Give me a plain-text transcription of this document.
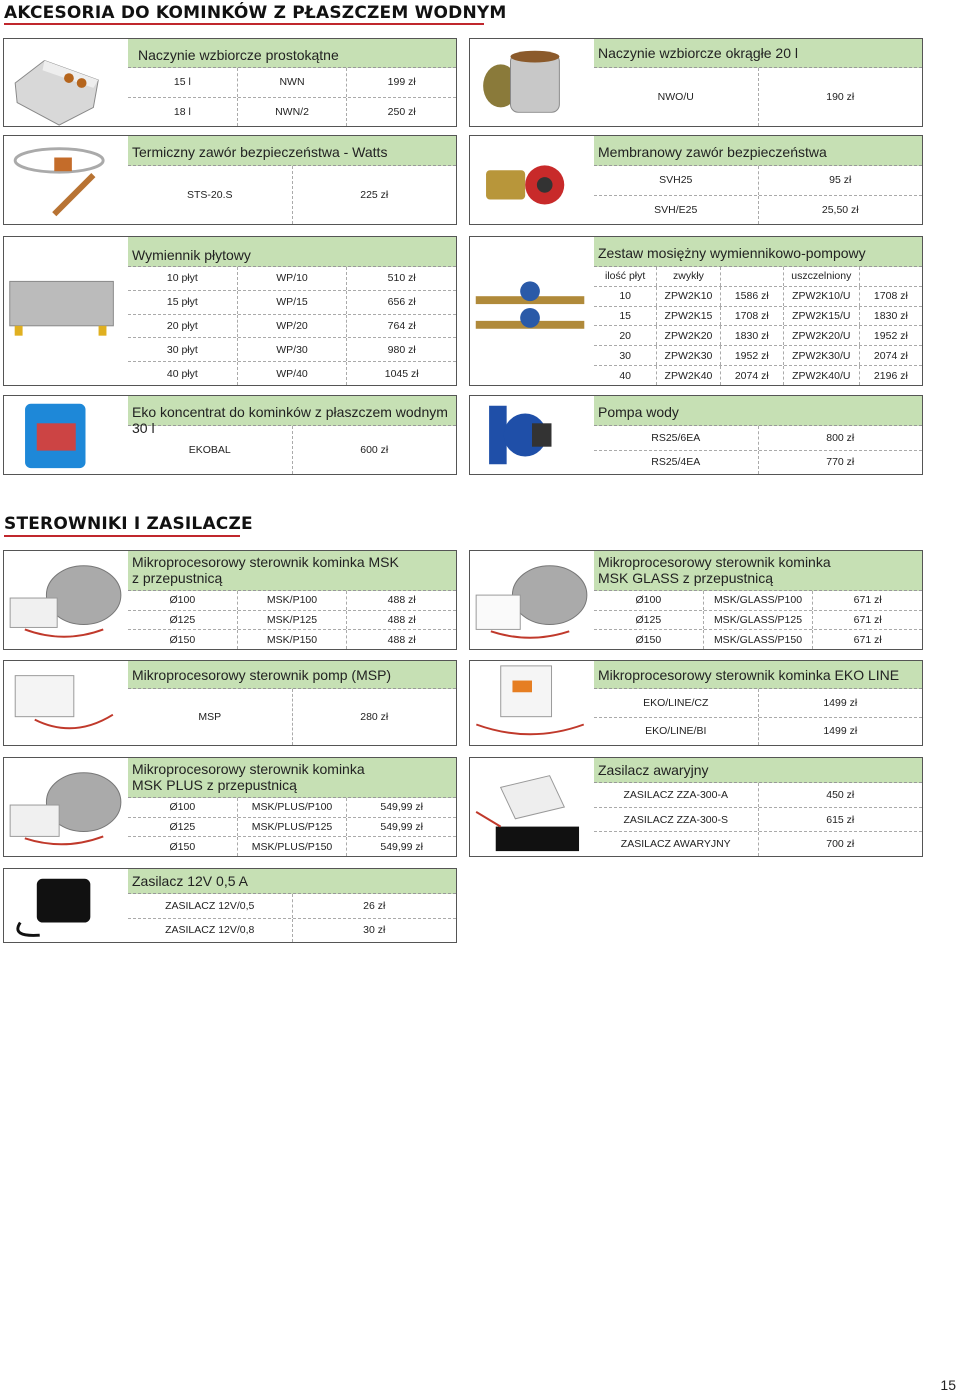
AKCESORIA DO KOMINKÓW Z PŁASZCZEM WODNYM
Naczynie wzbiorcze prostokątne
15 l	NWN	199 zł
18 l	NWN/2	250 zł
Naczynie wzbiorcze okrągłe 20 l
NWO/U	190 zł
Termiczny zawór bezpieczeństwa - Watts
STS-20.S	225 zł
Membranowy zawór bezpieczeństwa
SVH25	95 zł
SVH/E25	25,50 zł
Wymiennik płytowy
10 płyt	WP/10	510 zł
15 płyt	WP/15	656 zł
20 płyt	WP/20	764 zł
30 płyt	WP/30	980 zł
40 płyt	WP/40	1045 zł
Zestaw mosiężny wymiennikowo-pompowy
ilość płyt	zwykły	uszczelniony
10	ZPW2K10	1586 zł	ZPW2K10/U	1708 zł
15	ZPW2K15	1708 zł	ZPW2K15/U	1830 zł
20	ZPW2K20	1830 zł	ZPW2K20/U	1952 zł
30	ZPW2K30	1952 zł	ZPW2K30/U	2074 zł
40	ZPW2K40	2074 zł	ZPW2K40/U	2196 zł
Eko koncentrat do kominków z płaszczem wodnym 30 l
EKOBAL	600 zł
Pompa wody
RS25/6EA	800 zł
RS25/4EA	770 zł
STEROWNIKI I ZASILACZE
Mikroprocesorowy sterownik kominka MSK
z przepustnicą
Ø100	MSK/P100	488 zł
Ø125	MSK/P125	488 zł
Ø150	MSK/P150	488 zł
Mikroprocesorowy sterownik kominka
MSK GLASS z przepustnicą
Ø100	MSK/GLASS/P100	671 zł
Ø125	MSK/GLASS/P125	671 zł
Ø150	MSK/GLASS/P150	671 zł
Mikroprocesorowy sterownik pomp (MSP)
MSP	280 zł
Mikroprocesorowy sterownik kominka EKO LINE
EKO/LINE/CZ	1499 zł
EKO/LINE/BI	1499 zł
Mikroprocesorowy sterownik kominka
MSK PLUS z przepustnicą
Ø100	MSK/PLUS/P100	549,99 zł
Ø125	MSK/PLUS/P125	549,99 zł
Ø150	MSK/PLUS/P150	549,99 zł
Zasilacz awaryjny
ZASILACZ ZZA-300-A	450 zł
ZASILACZ ZZA-300-S	615 zł
ZASILACZ AWARYJNY	700 zł
Zasilacz 12V 0,5 A
ZASILACZ 12V/0,5	26 zł
ZASILACZ 12V/0,8	30 zł
15
